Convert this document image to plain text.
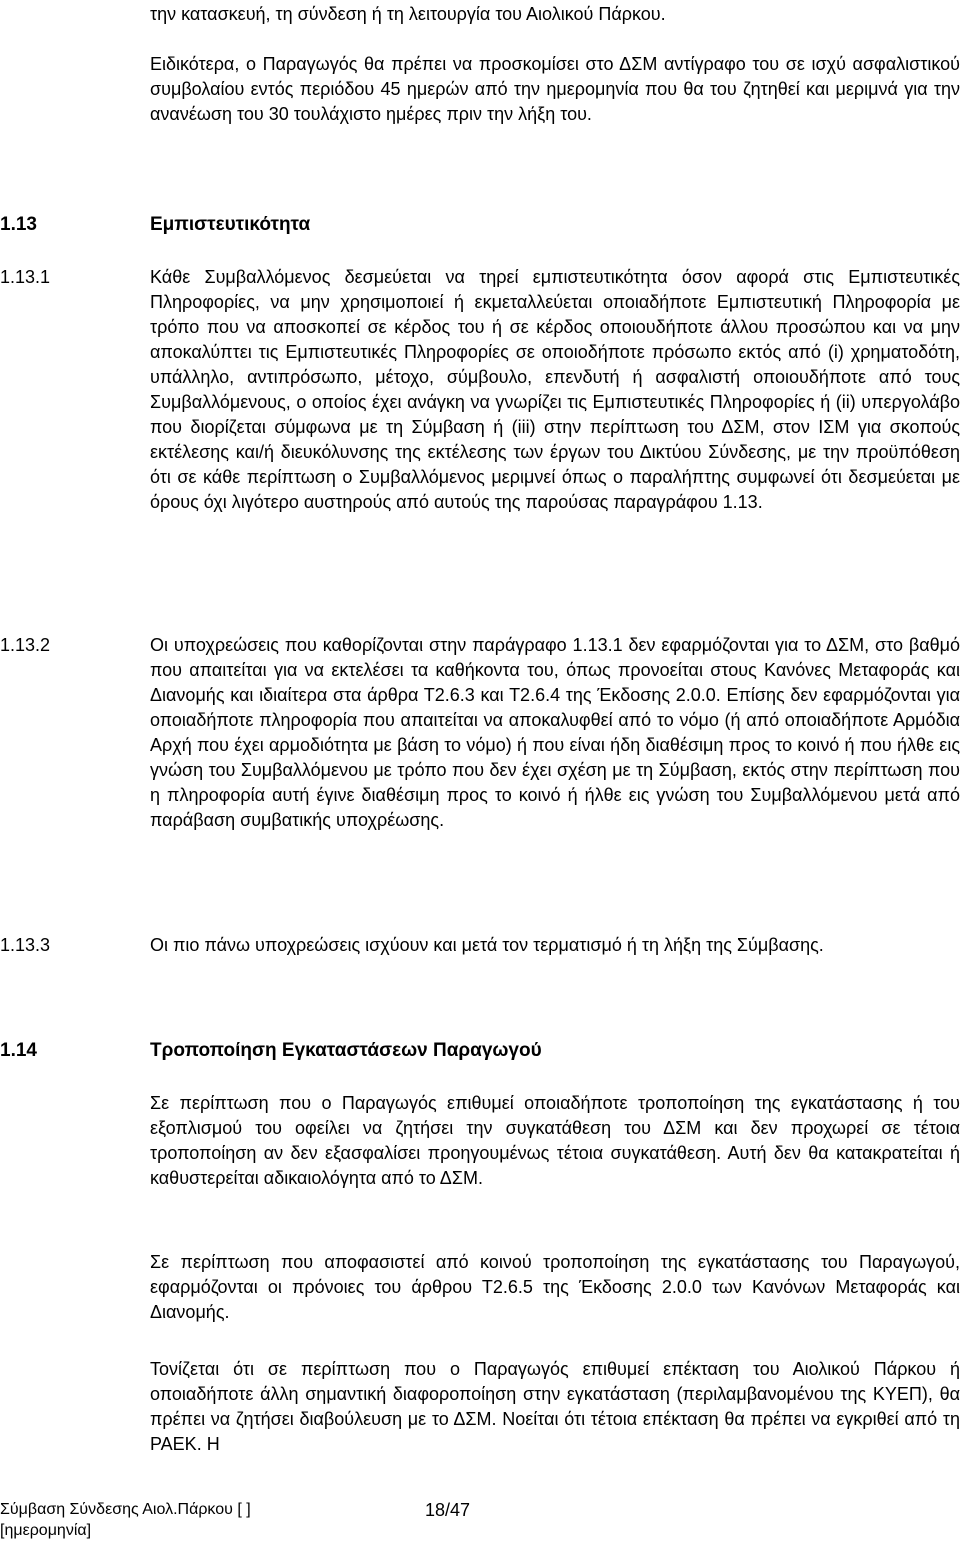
την κατασκευή, τη σύνδεση ή τη λειτουργία του Αιολικού Πάρκου.
Ειδικότερα, ο Παραγωγός θα πρέπει να προσκομίσει στο ΔΣΜ αντίγραφο του σε ισχύ ασφαλιστικού συμβολαίου εντός περιόδου 45 ημερών από την ημερομηνία που θα του ζητηθεί και μεριμνά για την ανανέωση του 30 τουλάχιστο ημέρες πριν την λήξη του.
1.13	Εμπιστευτικότητα
1.13.1	Κάθε Συμβαλλόμενος δεσμεύεται να τηρεί εμπιστευτικότητα όσον αφορά στις Εμπιστευτικές Πληροφορίες, να μην χρησιμοποιεί ή εκμεταλλεύεται οποιαδήποτε Εμπιστευτική Πληροφορία με τρόπο που να αποσκοπεί σε κέρδος του ή σε κέρδος οποιουδήποτε άλλου προσώπου και να μην αποκαλύπτει τις Εμπιστευτικές Πληροφορίες σε οποιοδήποτε πρόσωπο εκτός από (i) χρηματοδότη, υπάλληλο, αντιπρόσωπο, μέτοχο, σύμβουλο, επενδυτή ή ασφαλιστή οποιουδήποτε από τους Συμβαλλόμενους, ο οποίος έχει ανάγκη να γνωρίζει τις Εμπιστευτικές Πληροφορίες ή (ii) υπεργολάβο που διορίζεται σύμφωνα με τη Σύμβαση ή (iii) στην περίπτωση του ΔΣΜ, στον ΙΣΜ για σκοπούς εκτέλεσης και/ή διευκόλυνσης της εκτέλεσης των έργων του Δικτύου Σύνδεσης, με την προϋπόθεση ότι σε κάθε περίπτωση ο Συμβαλλόμενος μεριμνεί όπως ο παραλήπτης συμφωνεί ότι δεσμεύεται με όρους όχι λιγότερο αυστηρούς από αυτούς της παρούσας παραγράφου 1.13.
1.13.2	Οι υποχρεώσεις που καθορίζονται στην παράγραφο 1.13.1 δεν εφαρμόζονται για το ΔΣΜ, στο βαθμό που απαιτείται για να εκτελέσει τα καθήκοντα του, όπως προνοείται στους Κανόνες Μεταφοράς και Διανομής και ιδιαίτερα στα άρθρα Τ2.6.3 και Τ2.6.4 της Έκδοσης 2.0.0. Επίσης δεν εφαρμόζονται για οποιαδήποτε πληροφορία που απαιτείται να αποκαλυφθεί από το νόμο (ή από οποιαδήποτε Αρμόδια Αρχή που έχει αρμοδιότητα με βάση το νόμο) ή που είναι ήδη διαθέσιμη προς το κοινό ή που ήλθε εις γνώση του Συμβαλλόμενου με τρόπο που δεν έχει σχέση με τη Σύμβαση, εκτός στην περίπτωση που η πληροφορία αυτή έγινε διαθέσιμη προς το κοινό ή ήλθε εις γνώση του Συμβαλλόμενου μετά από παράβαση συμβατικής υποχρέωσης.
1.13.3	Οι πιο πάνω υποχρεώσεις ισχύουν και μετά τον τερματισμό ή τη λήξη της Σύμβασης.
1.14	Τροποποίηση Εγκαταστάσεων Παραγωγού
Σε περίπτωση που ο Παραγωγός επιθυμεί οποιαδήποτε τροποποίηση της εγκατάστασης ή του εξοπλισμού του οφείλει να ζητήσει την συγκατάθεση του ΔΣΜ και δεν προχωρεί σε τέτοια τροποποίηση αν δεν εξασφαλίσει προηγουμένως τέτοια συγκατάθεση. Αυτή δεν θα κατακρατείται ή καθυστερείται αδικαιολόγητα από το ΔΣΜ.
Σε περίπτωση που αποφασιστεί από κοινού τροποποίηση της εγκατάστασης του Παραγωγού, εφαρμόζονται οι πρόνοιες του άρθρου Τ2.6.5 της Έκδοσης 2.0.0 των Κανόνων Μεταφοράς και Διανομής.
Τονίζεται ότι σε περίπτωση που ο Παραγωγός επιθυμεί επέκταση του Αιολικού Πάρκου ή οποιαδήποτε άλλη σημαντική διαφοροποίηση στην εγκατάσταση (περιλαμβανομένου της ΚΥΕΠ), θα πρέπει να ζητήσει διαβούλευση με το ΔΣΜ. Νοείται ότι τέτοια επέκταση θα πρέπει να εγκριθεί από τη ΡΑΕΚ. Η
Σύμβαση Σύνδεσης Αιολ.Πάρκου [ ]
[ημερομηνία]
18/47
